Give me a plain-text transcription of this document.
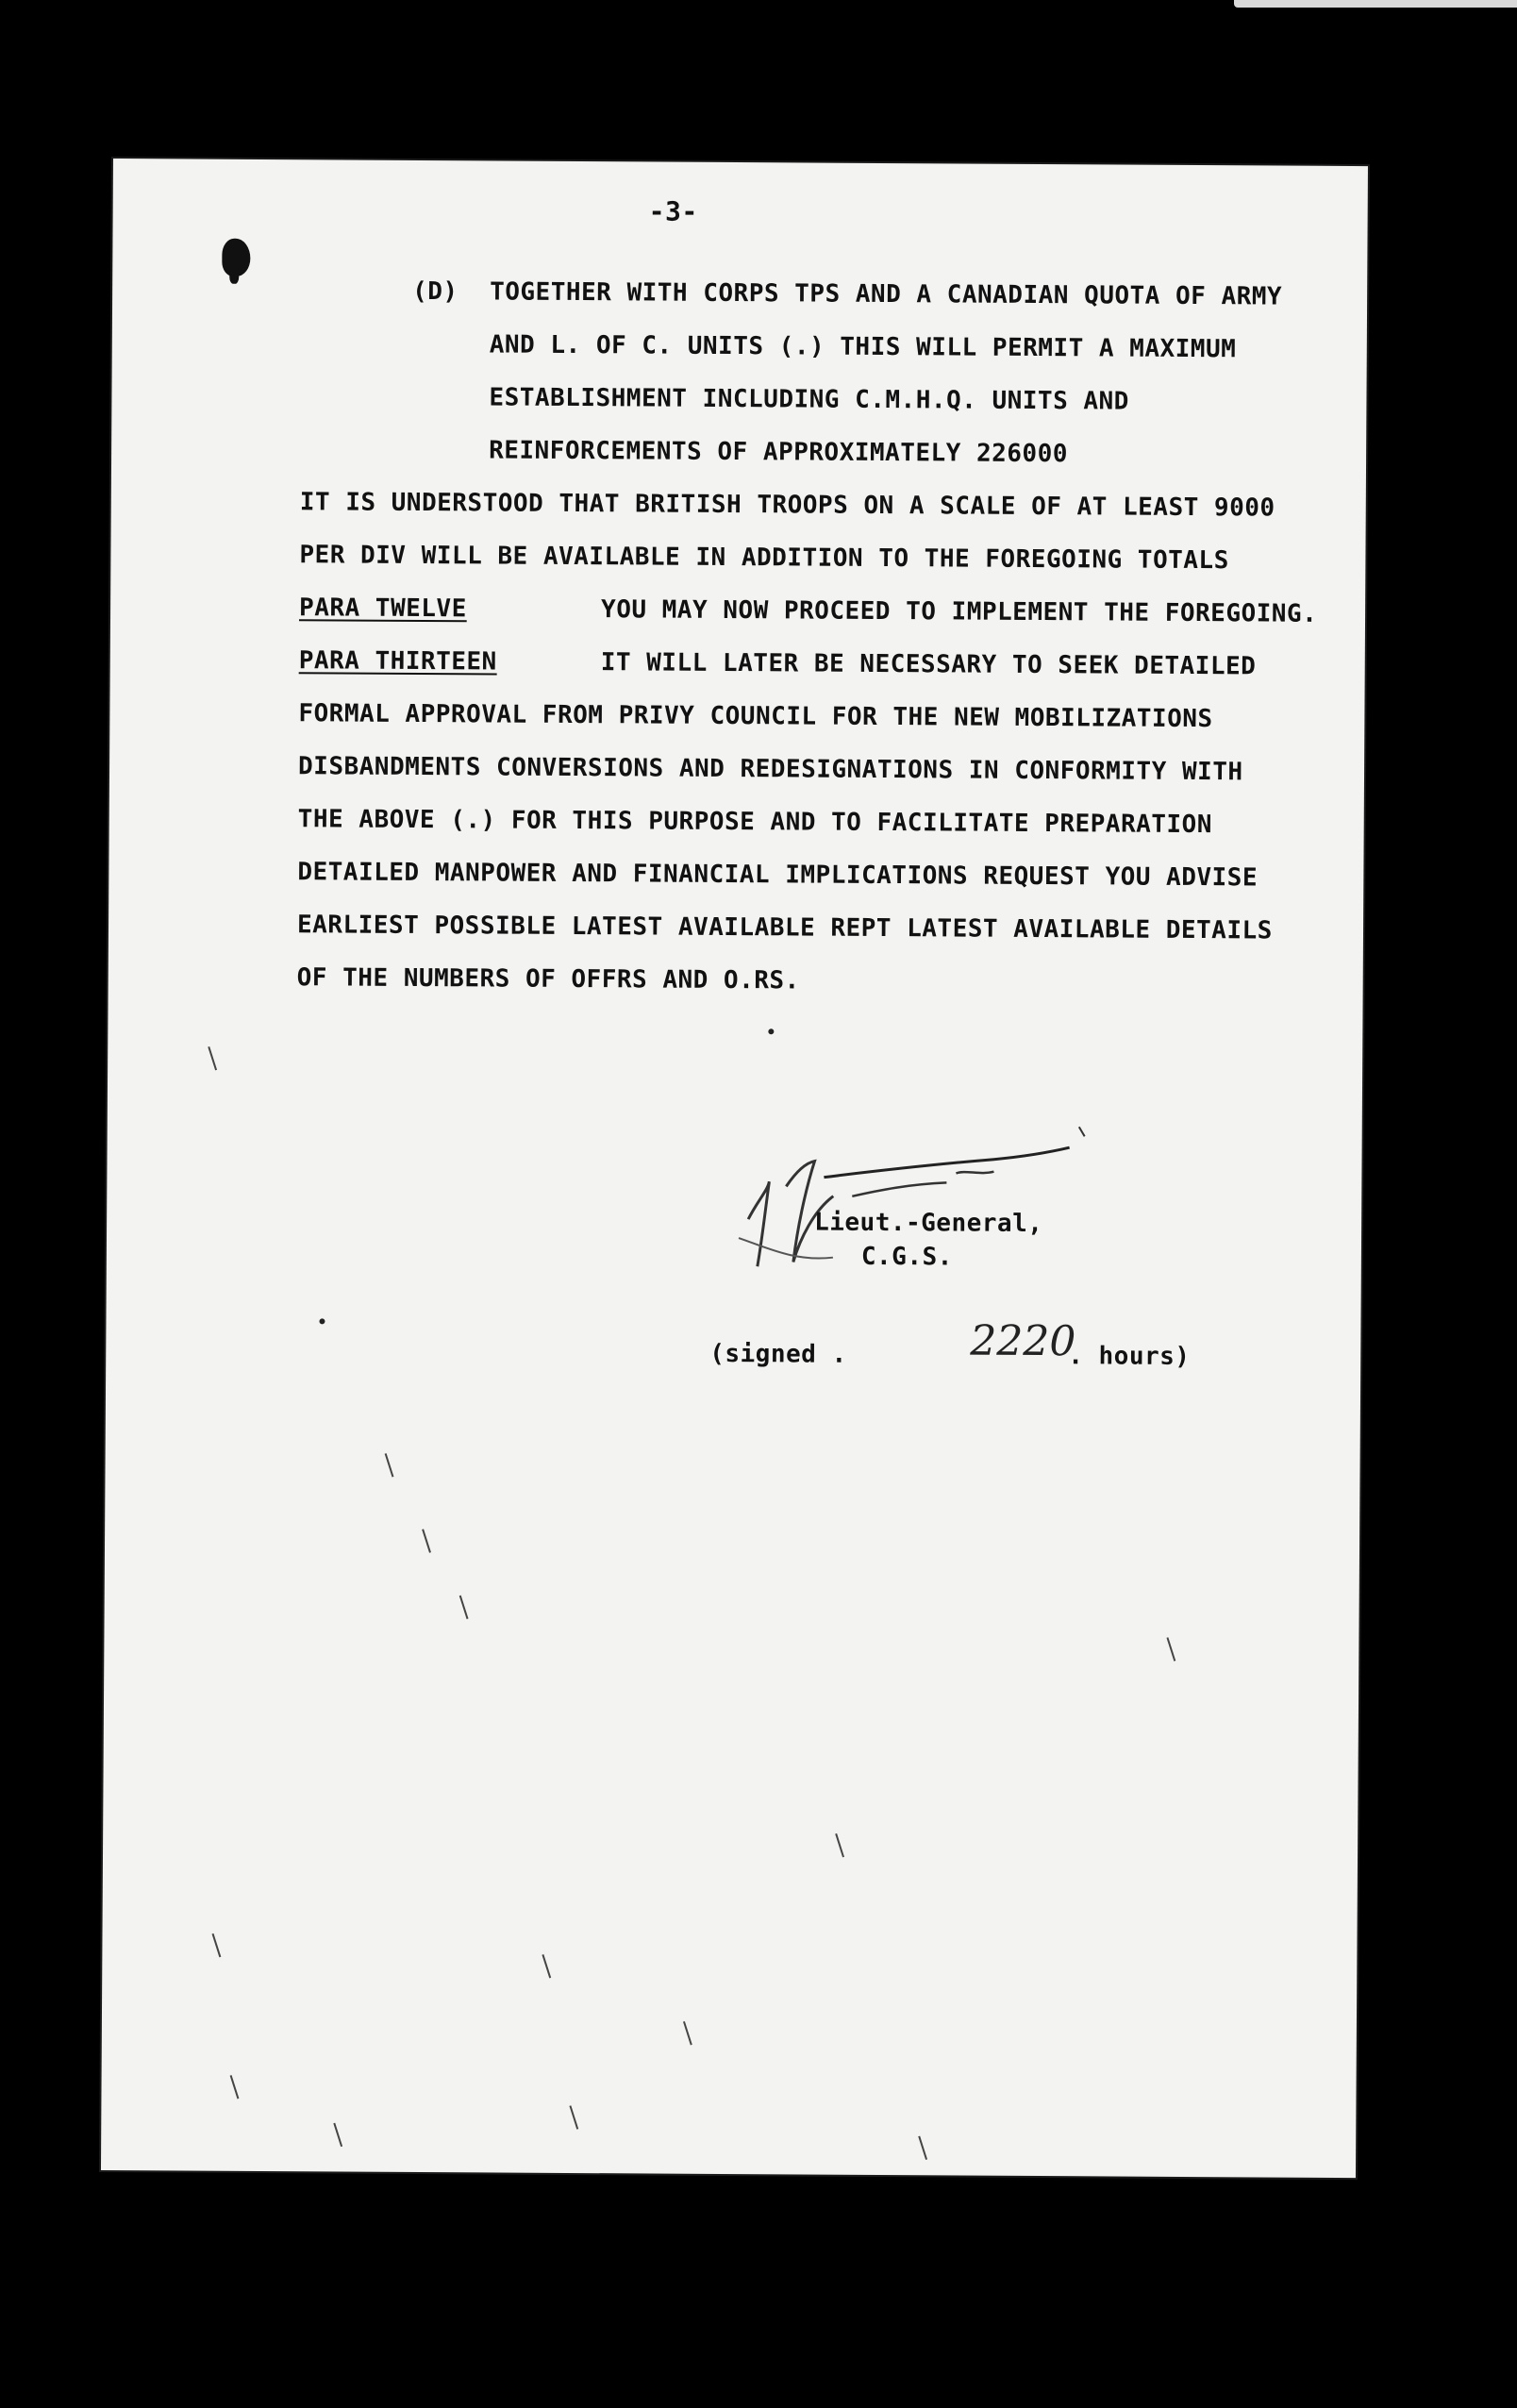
-3-
(D) TOGETHER WITH CORPS TPS AND A CANADIAN QUOTA OF ARMY
AND L. OF C. UNITS (.) THIS WILL PERMIT A MAXIMUM
ESTABLISHMENT INCLUDING C.M.H.Q. UNITS AND
REINFORCEMENTS OF APPROXIMATELY 226000
IT IS UNDERSTOOD THAT BRITISH TROOPS ON A SCALE OF AT LEAST 9000
PER DIV WILL BE AVAILABLE IN ADDITION TO THE FOREGOING TOTALS
PARA TWELVE	YOU MAY NOW PROCEED TO IMPLEMENT THE FOREGOING.
PARA THIRTEEN	IT WILL LATER BE NECESSARY TO SEEK DETAILED
FORMAL APPROVAL FROM PRIVY COUNCIL FOR THE NEW MOBILIZATIONS
DISBANDMENTS CONVERSIONS AND REDESIGNATIONS IN CONFORMITY WITH
THE ABOVE (.) FOR THIS PURPOSE AND TO FACILITATE PREPARATION
DETAILED MANPOWER AND FINANCIAL IMPLICATIONS REQUEST YOU ADVISE
EARLIEST POSSIBLE LATEST AVAILABLE REPT LATEST AVAILABLE DETAILS
OF THE NUMBERS OF OFFRS AND O.RS.
Lieut.-General,
C.G.S.
(signed .	2220
. hours)
